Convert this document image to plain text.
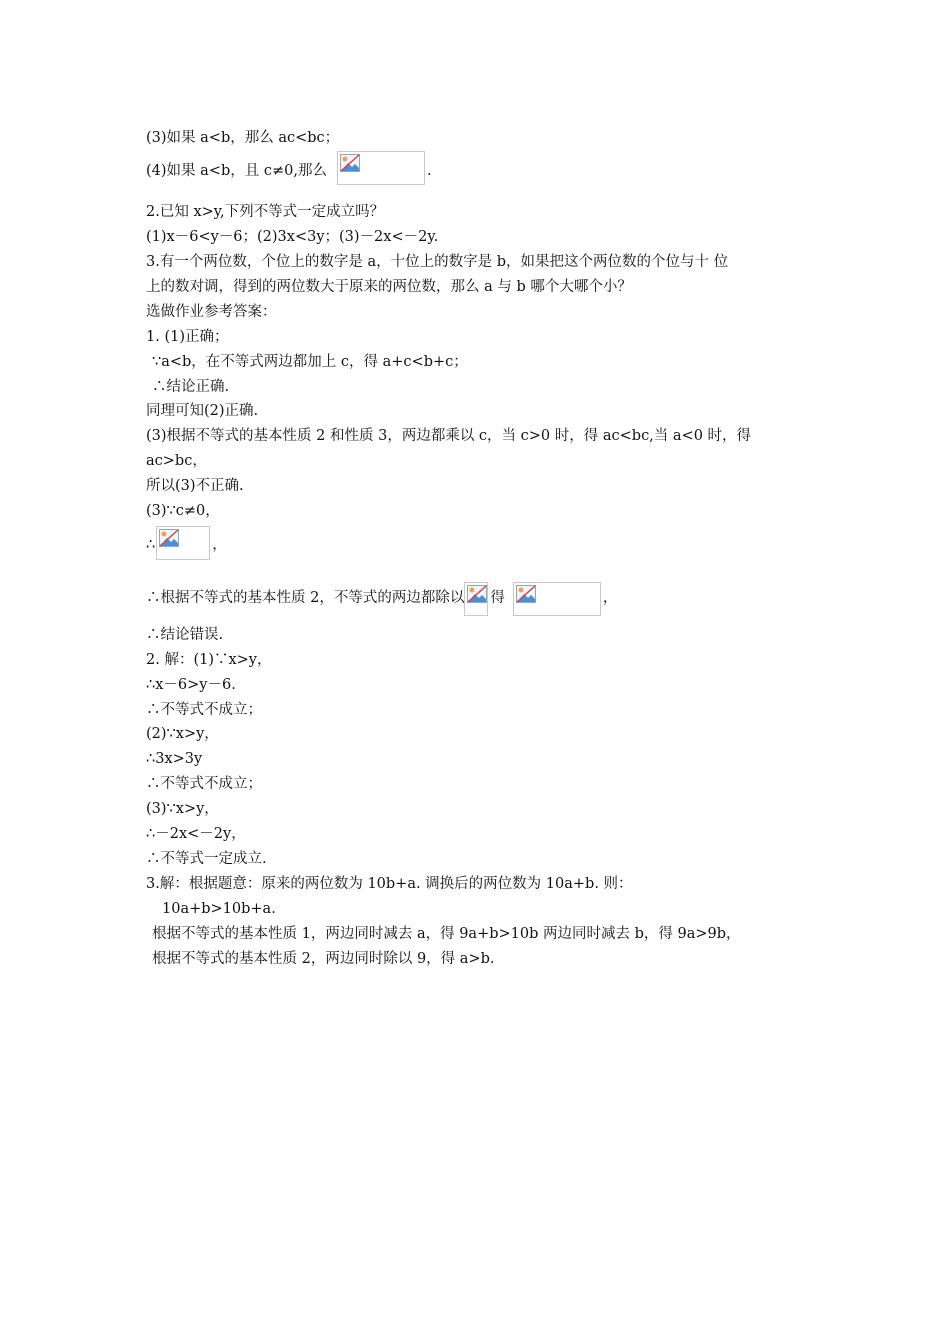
(3)如果 a<b，那么 ac<bc；
(4)如果 a<b，且 c≠0,那么	.
2.已知 x>y,下列不等式一定成立吗？
(1)x－6<y－6；(2)3x<3y；(3)－2x<－2y.
3.有一个两位数，个位上的数字是 a，十位上的数字是 b，如果把这个两位数的个位与十 位
上的数对调，得到的两位数大于原来的两位数，那么 a 与 b 哪个大哪个小？
选做作业参考答案：
1. (1)正确；
∵a<b，在不等式两边都加上 c，得 a+c<b+c；
∴结论正确.
同理可知(2)正确.
(3)根据不等式的基本性质 2 和性质 3，两边都乘以 c，当 c>0 时，得 ac<bc,当 a<0 时，得
ac>bc，
所以(3)不正确.
(3)∵c≠0，
∴	，
∴根据不等式的基本性质 2，不等式的两边都除以 得	，
∴结论错误.
2. 解：(1)∵x>y，
∴x－6>y－6.
∴不等式不成立；
(2)∵x>y，
∴3x>3y
∴不等式不成立；
(3)∵x>y，
∴－2x<－2y，
∴不等式一定成立.
3.解：根据题意：原来的两位数为 10b+a. 调换后的两位数为 10a+b. 则：
10a+b>10b+a.
根据不等式的基本性质 1，两边同时减去 a，得 9a+b>10b 两边同时减去 b，得 9a>9b，
根据不等式的基本性质 2，两边同时除以 9，得 a>b.
